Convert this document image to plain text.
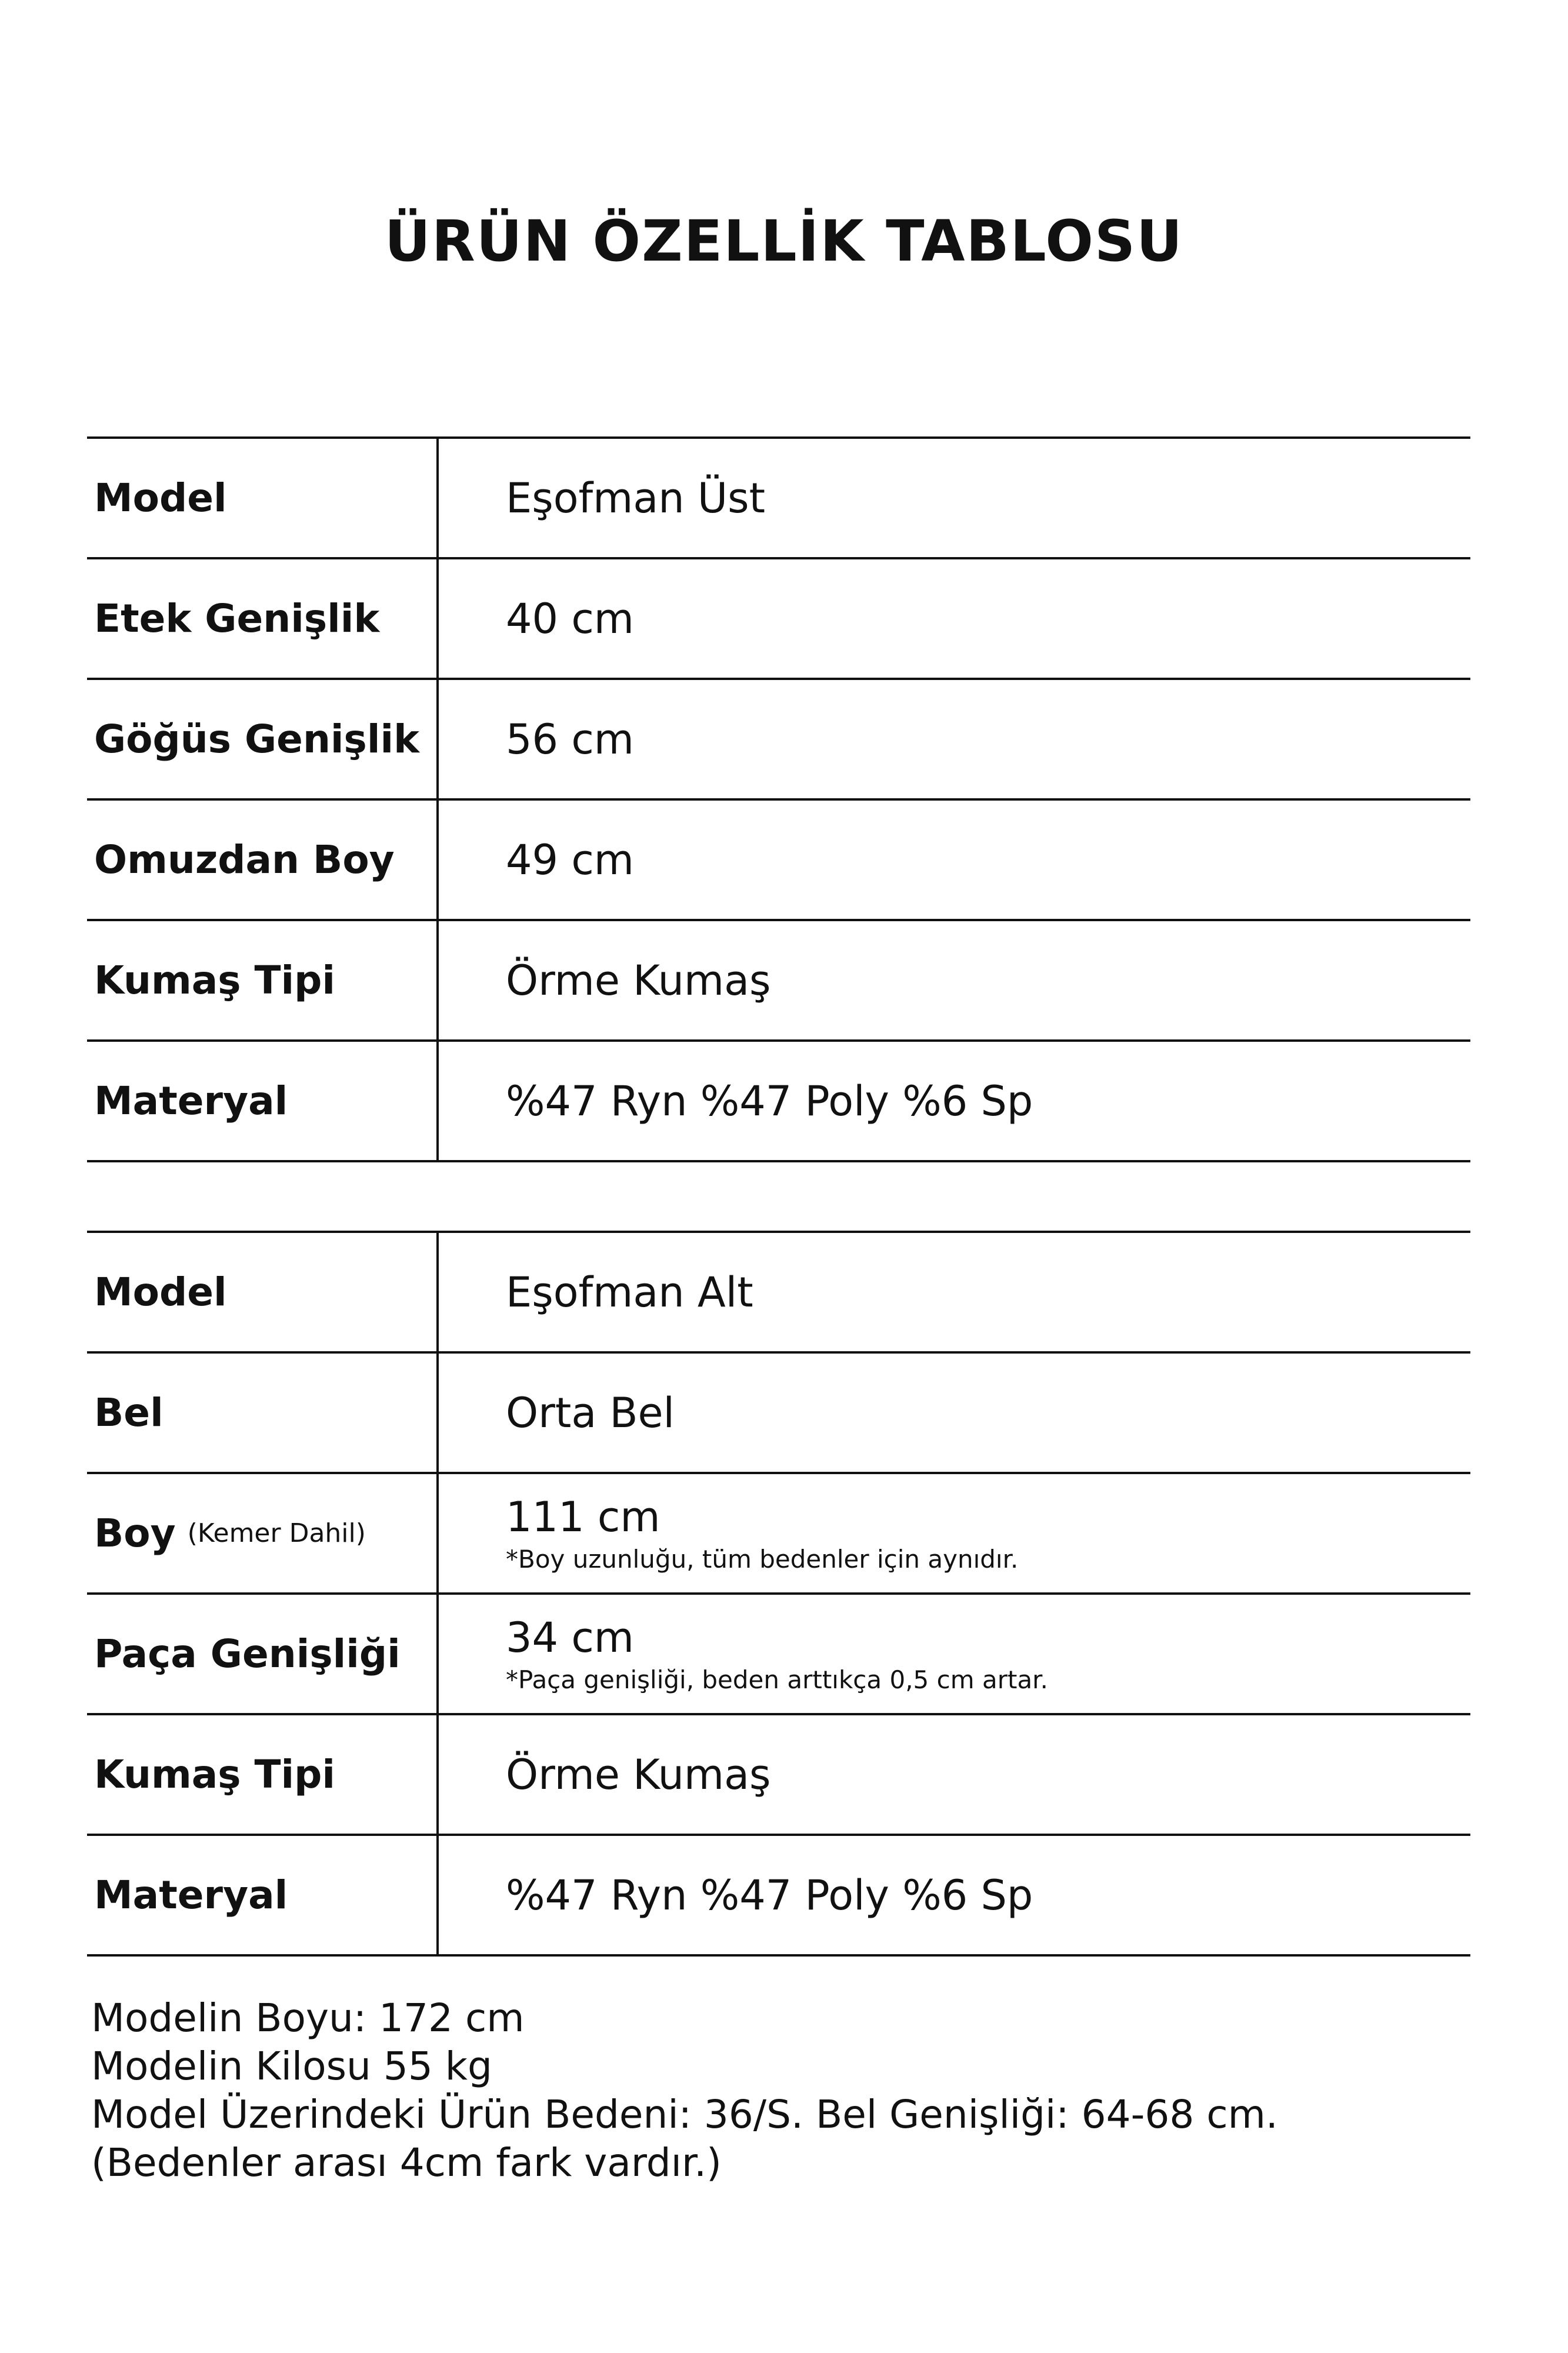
ÜRÜN ÖZELLİK TABLOSU
Model	Eşofman Üst
Etek Genişlik	40 cm
Göğüs Genişlik 56 cm
Omuzdan Boy	49 cm
Kumaş Tipi	Örme Kumaş
Materyal	%47 Ryn %47 Poly %6 Sp
Model	Eşofman Alt
Bel	Orta Bel
Boy (Kemer Dahil)	111 cm
*Boy uzunluğu, tüm bedenler için aynıdır.
Paça Genişliği	34 cm
*Paça genişliği, beden arttıkça 0,5 cm artar.
Kumaş Tipi	Örme Kumaş
Materyal	%47 Ryn %47 Poly %6 Sp
Modelin Boyu: 172 cm
Modelin Kilosu 55 kg
Model Üzerindeki Ürün Bedeni: 36/S. Bel Genişliği: 64-68 cm. (Bedenler arası 4cm fark vardır.)
